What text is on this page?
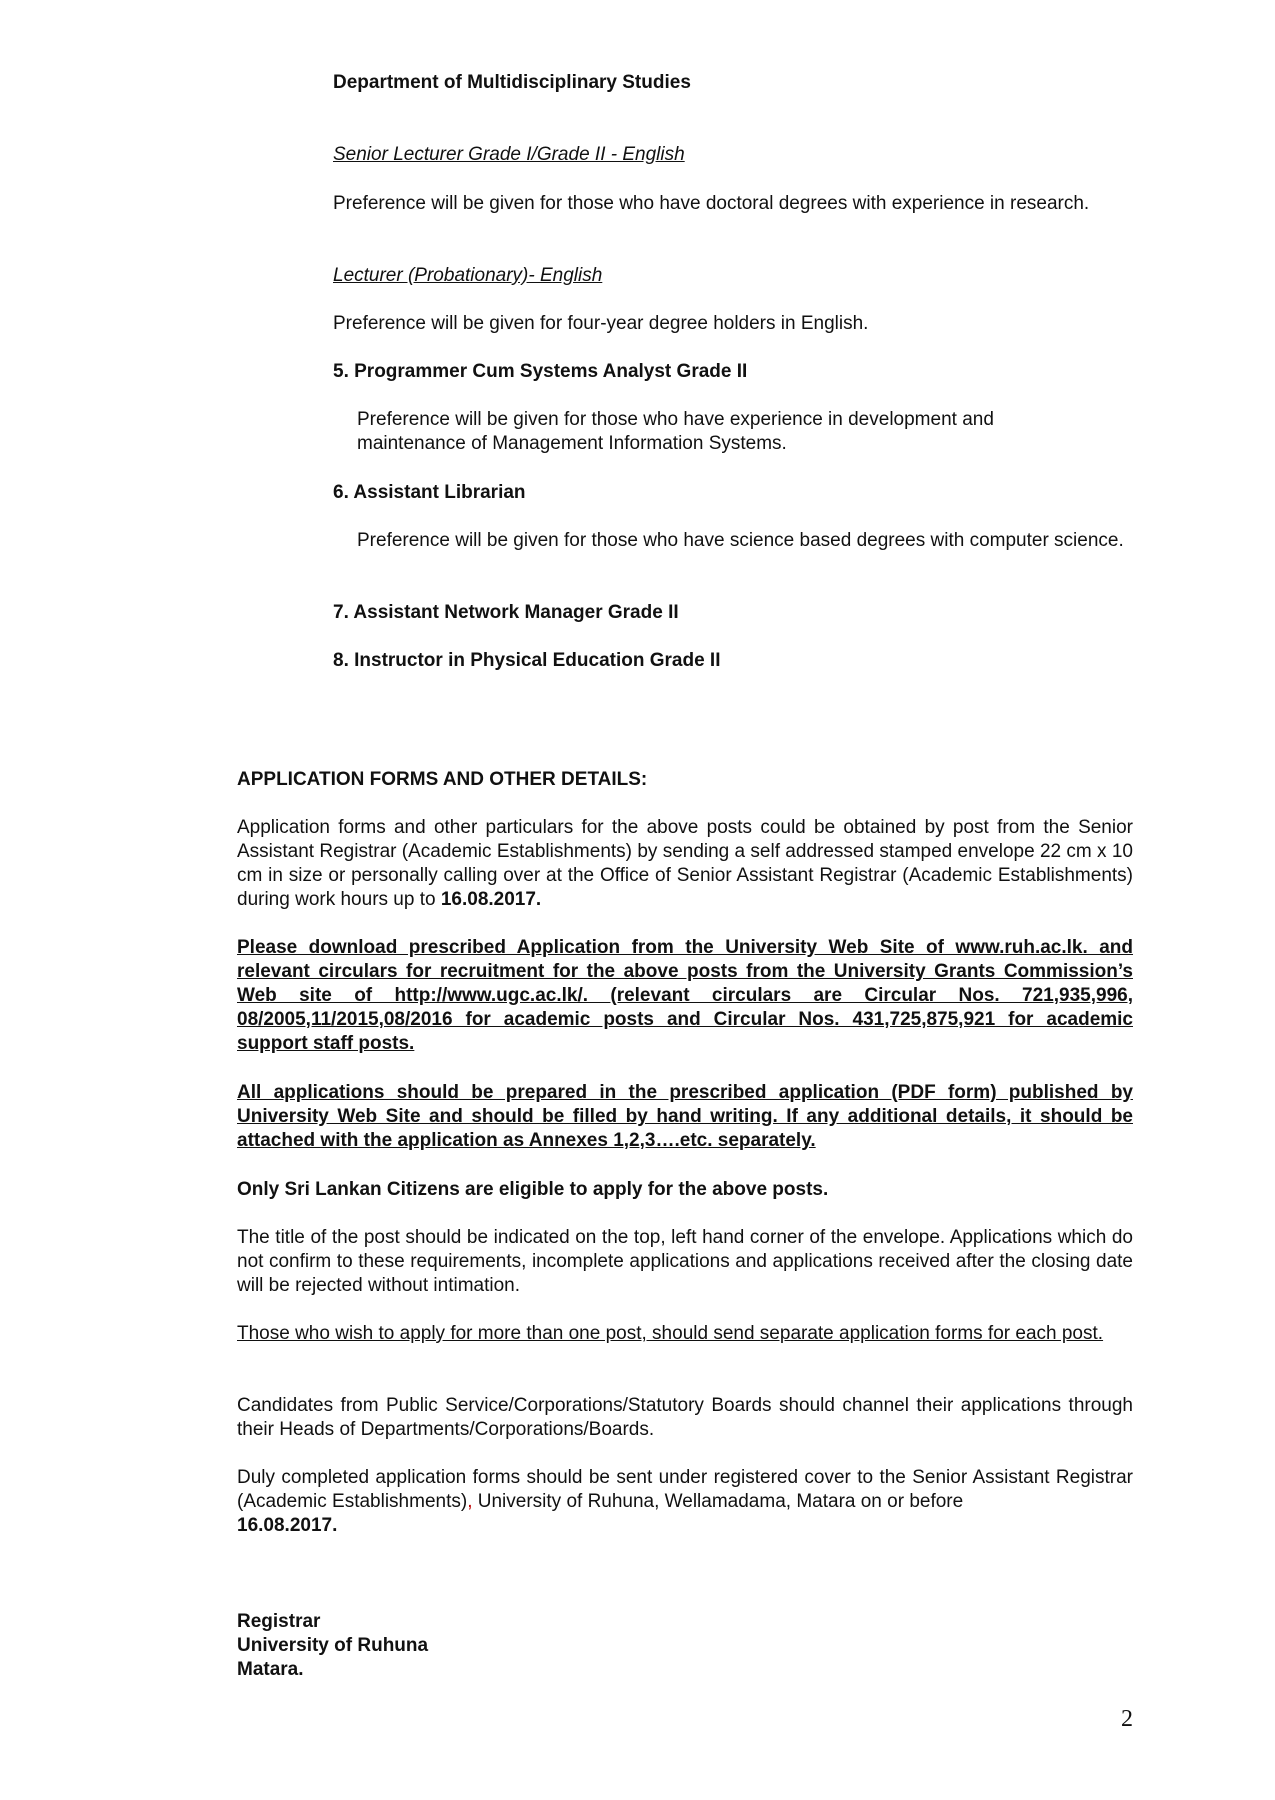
Department of Multidisciplinary Studies
Senior Lecturer Grade I/Grade II - English
Preference will be given for those who have doctoral degrees with experience in research.
Lecturer (Probationary)- English
Preference will be given for four-year degree holders in English.
5. Programmer Cum Systems Analyst Grade II
Preference will be given for those who have experience in development and maintenance of Management Information Systems.
6. Assistant Librarian
Preference will be given for those who have science based degrees with computer science.
7. Assistant Network Manager Grade II
8. Instructor in Physical Education Grade II
APPLICATION FORMS AND OTHER DETAILS:
Application forms and other particulars for the above posts could be obtained by post from the Senior Assistant Registrar (Academic Establishments) by sending a self addressed stamped envelope 22 cm x 10 cm in size or personally calling over at the Office of Senior Assistant Registrar (Academic Establishments) during work hours up to 16.08.2017.
Please download prescribed Application from the University Web Site of www.ruh.ac.lk. and relevant circulars for recruitment for the above posts from the University Grants Commission’s Web site of http://www.ugc.ac.lk/. (relevant circulars are Circular Nos. 721,935,996, 08/2005,11/2015,08/2016 for academic posts and Circular Nos. 431,725,875,921 for academic support staff posts.
All applications should be prepared in the prescribed application (PDF form) published by University Web Site and should be filled by hand writing. If any additional details, it should be attached with the application as Annexes 1,2,3….etc. separately.
Only Sri Lankan Citizens are eligible to apply for the above posts.
The title of the post should be indicated on the top, left hand corner of the envelope. Applications which do not confirm to these requirements, incomplete applications and applications received after the closing date will be rejected without intimation.
Those who wish to apply for more than one post, should send separate application forms for each post.
Candidates from Public Service/Corporations/Statutory Boards should channel their applications through their Heads of Departments/Corporations/Boards.
Duly completed application forms should be sent under registered cover to the Senior Assistant Registrar (Academic Establishments), University of Ruhuna, Wellamadama, Matara on or before
16.08.2017.
Registrar
University of Ruhuna
Matara.
2
